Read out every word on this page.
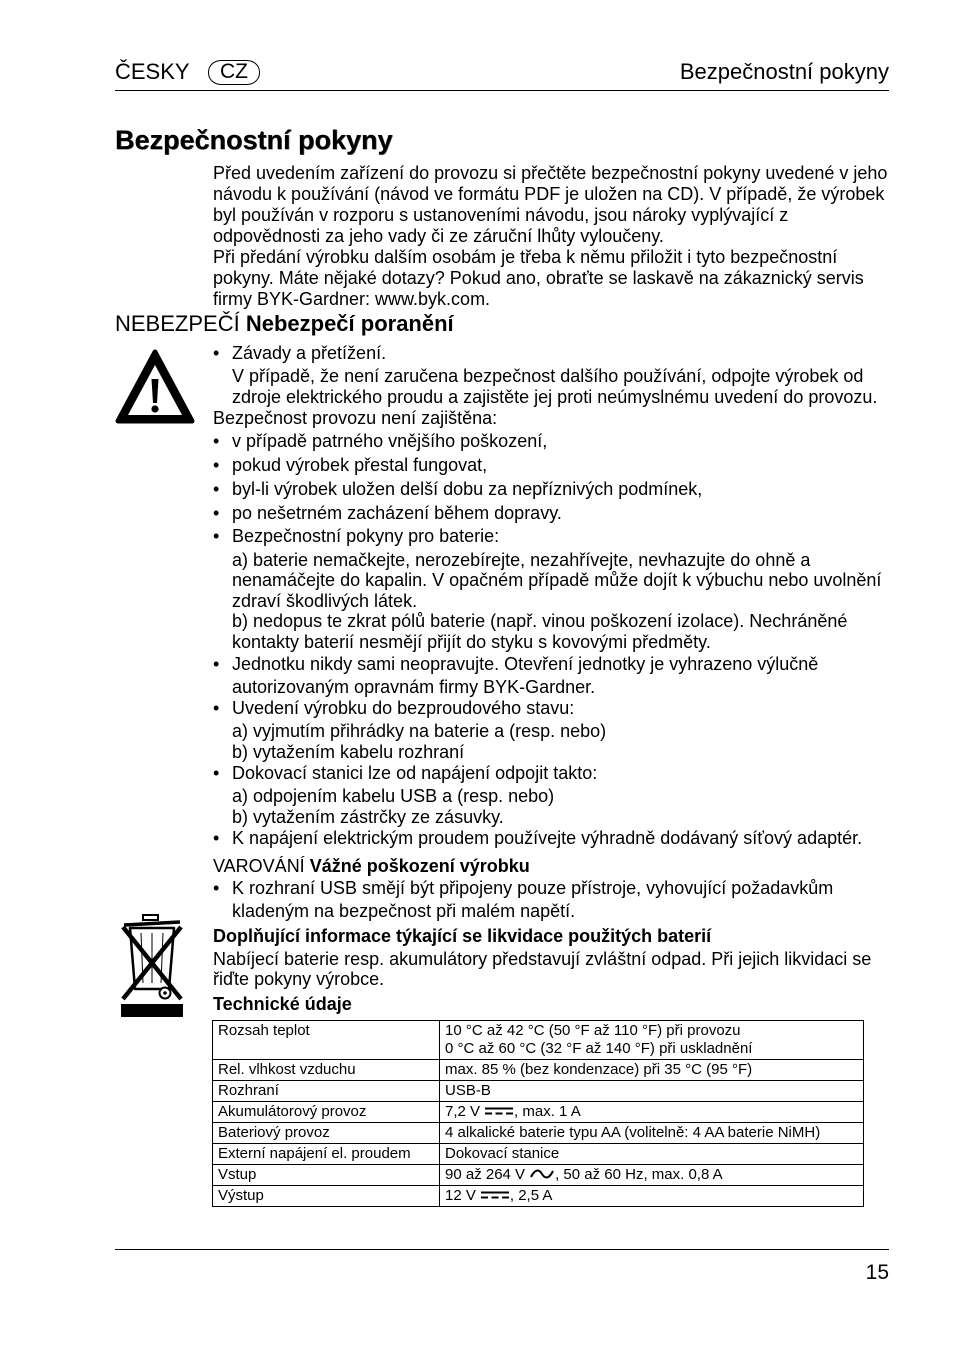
ČESKY	CZ	Bezpečnostní pokyny
Bezpečnostní pokyny
Před uvedením zařízení do provozu si přečtěte bezpečnostní pokyny uvedené v jeho
návodu k používání (návod ve formátu PDF je uložen na CD). V případě, že výrobek
byl používán v rozporu s ustanoveními návodu, jsou nároky vyplývající z
odpovědnosti za jeho vady či ze záruční lhůty vyloučeny.
Při předání výrobku dalším osobám je třeba k němu přiložit i tyto bezpečnostní
pokyny. Máte nějaké dotazy? Pokud ano, obraťte se laskavě na zákaznický servis
firmy BYK-Gardner: www.byk.com.
NEBEZPEČÍ Nebezpečí poranění
• Závady a přetížení.
V případě, že není zaručena bezpečnost dalšího používání, odpojte výrobek od
zdroje elektrického proudu a zajistěte jej proti neúmyslnému uvedení do provozu.
Bezpečnost provozu není zajištěna:
• v případě patrného vnějšího poškození,
• pokud výrobek přestal fungovat,
• byl-li výrobek uložen delší dobu za nepříznivých podmínek,
• po nešetrném zacházení během dopravy.
• Bezpečnostní pokyny pro baterie:
a) baterie nemačkejte, nerozebírejte, nezahřívejte, nevhazujte do ohně a
nenamáčejte do kapalin. V opačném případě může dojít k výbuchu nebo uvolnění
zdraví škodlivých látek.
b) nedopus te zkrat pólů baterie (např. vinou poškození izolace). Nechráněné
kontakty baterií nesmějí přijít do styku s kovovými předměty.
• Jednotku nikdy sami neopravujte. Otevření jednotky je vyhrazeno výlučně
autorizovaným opravnám firmy BYK-Gardner.
• Uvedení výrobku do bezproudového stavu:
a) vyjmutím přihrádky na baterie a (resp. nebo)
b) vytažením kabelu rozhraní
• Dokovací stanici lze od napájení odpojit takto:
a) odpojením kabelu USB a (resp. nebo)
b) vytažením zástrčky ze zásuvky.
• K napájení elektrickým proudem používejte výhradně dodávaný síťový adaptér.
VAROVÁNÍ Vážné poškození výrobku
• K rozhraní USB smějí být připojeny pouze přístroje, vyhovující požadavkům
kladeným na bezpečnost při malém napětí.
Doplňující informace týkající se likvidace použitých baterií
Nabíjecí baterie resp. akumulátory představují zvláštní odpad. Při jejich likvidaci se
řiďte pokyny výrobce.
Technické údaje
Rozsah teplot	10 °C až 42 °C (50 °F až 110 °F) při provozu
0 °C až 60 °C (32 °F až 140 °F) při uskladnění

Rel. vlhkost vzduchu	max. 85 % (bez kondenzace) při 35 °C (95 °F)
Rozhraní	USB-B
Akumulátorový provoz	7,2 V , max. 1 A
Bateriový provoz	4 alkalické baterie typu AA (volitelně: 4 AA baterie NiMH)
Externí napájení el. proudem	Dokovací stanice
Vstup	90 až 264 V , 50 až 60 Hz, max. 0,8 A
Výstup	12 V , 2,5 A
15
